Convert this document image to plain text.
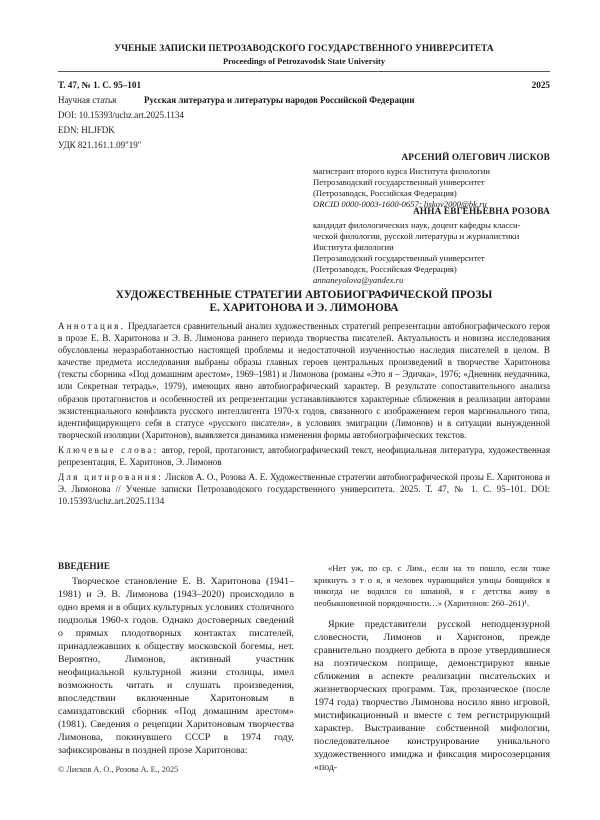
УЧЕНЫЕ ЗАПИСКИ ПЕТРОЗАВОДСКОГО ГОСУДАРСТВЕННОГО УНИВЕРСИТЕТА
Proceedings of Petrozavodsk State University
Т. 47, № 1. С. 95–101	2025
Научная статья	Русская литература и литературы народов Российской Федерации
DOI: 10.15393/uchz.art.2025.1134
EDN: HLJFDK
УДК 821.161.1.09"19"
АРСЕНИЙ ОЛЕГОВИЧ ЛИСКОВ
магистрант второго курса Института филологии
Петрозаводский государственный университет
(Петрозаводск, Российская Федерация)
ORCID 0000-0003-1600-0657; liskov2000@bk.ru
АННА ЕВГЕНЬЕВНА РОЗОВА
кандидат филологических наук, доцент кафедры класси-
ческой филологии, русской литературы и журналистики
Института филологии
Петрозаводский государственный университет
(Петрозаводск, Российская Федерация)
annaneyolova@yandex.ru
ХУДОЖЕСТВЕННЫЕ СТРАТЕГИИ АВТОБИОГРАФИЧЕСКОЙ ПРОЗЫ
Е. ХАРИТОНОВА И Э. ЛИМОНОВА

Аннотация. Предлагается сравнительный анализ художественных стратегий репрезентации автобиографического героя в прозе Е. В. Харитонова и Э. В. Лимонова раннего периода творчества писателей. Актуальность и новизна исследования обусловлены неразработанностью настоящей проблемы и недостаточной изученностью наследия писателей в целом. В качестве предмета исследования выбраны образы главных героев центральных произведений в творчестве Харитонова (тексты сборника «Под домашним арестом», 1969–1981) и Лимонова (романы «Это я – Эдичка», 1976; «Дневник неудачника, или Секретная тетрадь», 1979), имеющих явно автобиографический характер. В результате сопоставительного анализа образов протагонистов и особенностей их репрезентации устанавливаются характерные сближения в реализации авторами экзистенциального конфликта русского интеллигента 1970-х годов, связанного с изображением героя маргинального типа, идентифицирующего себя в статусе «русского писателя», в условиях эмиграции (Лимонов) и в ситуации вынужденной творческой изоляции (Харитонов), выявляется динамика изменения формы автобиографических текстов.

Ключевые слова: автор, герой, протагонист, автобиографический текст, неофициальная литература, художественная репрезентация, Е. Харитонов, Э. Лимонов

Для цитирования: Лисков А. О., Розова А. Е. Художественные стратегии автобиографической прозы Е. Харитонова и Э. Лимонова // Ученые записки Петрозаводского государственного университета. 2025. Т. 47, № 1. С. 95–101. DOI: 10.15393/uchz.art.2025.1134

ВВЕДЕНИЕ

Творческое становление Е. В. Харитонова (1941–1981) и Э. В. Лимонова (1943–2020) происходило в одно время и в общих культурных условиях столичного подполья 1960-х годов. Однако достоверных сведений о прямых плодотворных контактах писателей, принадлежавших к обществу московской богемы, нет. Вероятно, Лимонов, активный участник неофициальной культурной жизни столицы, имел возможность читать и слушать произведения, впоследствии включенные Харитоновым в самиздатовский сборник «Под домашним арестом» (1981). Сведения о рецепции Харитоновым творчества Лимонова, покинувшего СССР в 1974 году, зафиксированы в поздней прозе Харитонова:

© Лисков А. О., Розова А. Е., 2025

«Нет уж, по ср. с Лим., если на то пошло, если тоже крикнуть э т о я, я человек чурающийся улицы боящийся я никогда не водился со шпаной, я с детства живу в необыкновенной порядочности…» (Харитонов: 260–261)¹.

Яркие представители русской неподцензурной словесности, Лимонов и Харитонов, прежде сравнительно позднего дебюта в прозе утвердившиеся на поэтическом поприще, демонстрируют явные сближения в аспекте реализации писательских и жизнетворческих программ. Так, прозаическое (после 1974 года) творчество Лимонова носило явно игровой, мистификационный и вместе с тем регистрирующий характер. Выстраивание собственной мифологии, последовательное конструирование уникального художественного имиджа и фиксация миросозерцания «под-
